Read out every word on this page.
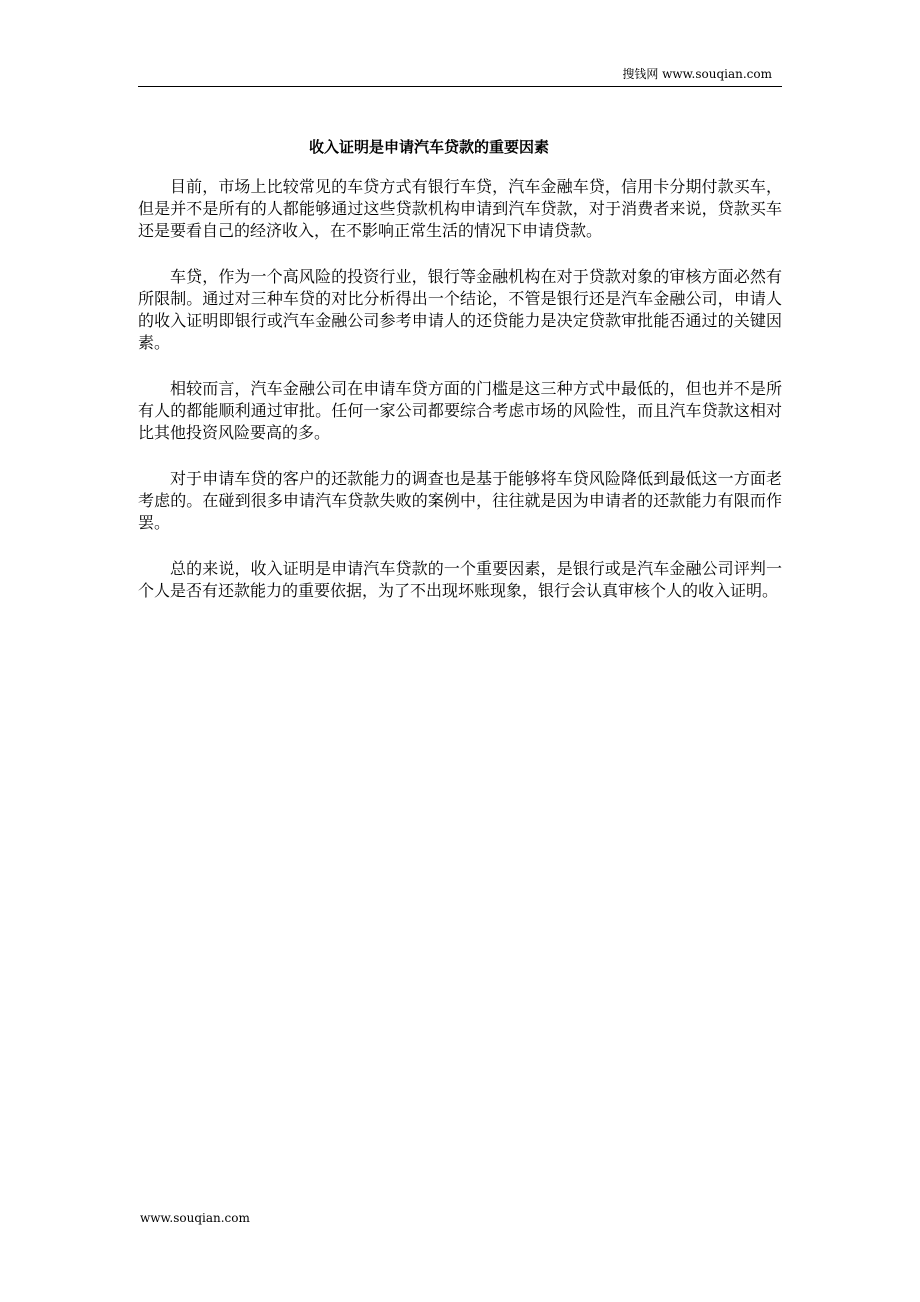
搜钱网 www.souqian.com
收入证明是申请汽车贷款的重要因素

目前，市场上比较常见的车贷方式有银行车贷，汽车金融车贷，信用卡分期付款买车，但是并不是所有的人都能够通过这些贷款机构申请到汽车贷款，对于消费者来说，贷款买车还是要看自己的经济收入，在不影响正常生活的情况下申请贷款。

车贷，作为一个高风险的投资行业，银行等金融机构在对于贷款对象的审核方面必然有所限制。通过对三种车贷的对比分析得出一个结论，不管是银行还是汽车金融公司，申请人的收入证明即银行或汽车金融公司参考申请人的还贷能力是决定贷款审批能否通过的关键因素。

相较而言，汽车金融公司在申请车贷方面的门槛是这三种方式中最低的，但也并不是所有人的都能顺利通过审批。任何一家公司都要综合考虑市场的风险性，而且汽车贷款这相对比其他投资风险要高的多。

对于申请车贷的客户的还款能力的调查也是基于能够将车贷风险降低到最低这一方面老考虑的。在碰到很多申请汽车贷款失败的案例中，往往就是因为申请者的还款能力有限而作罢。

总的来说，收入证明是申请汽车贷款的一个重要因素，是银行或是汽车金融公司评判一个人是否有还款能力的重要依据，为了不出现坏账现象，银行会认真审核个人的收入证明。

www.souqian.com
